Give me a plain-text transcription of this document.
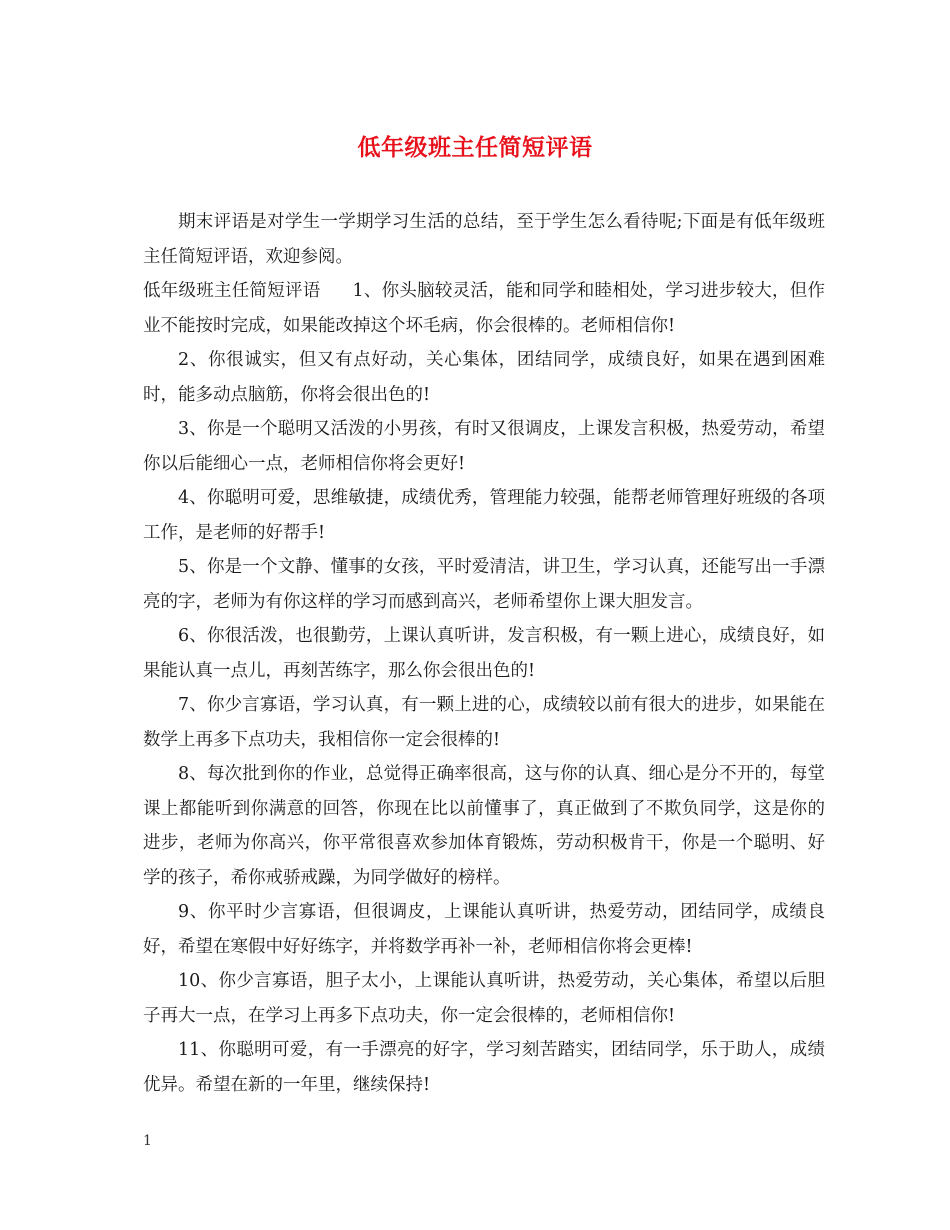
低年级班主任简短评语

期末评语是对学生一学期学习生活的总结，至于学生怎么看待呢;下面是有低年级班主任简短评语，欢迎参阅。

低年级班主任简短评语 1、你头脑较灵活，能和同学和睦相处，学习进步较大，但作业不能按时完成，如果能改掉这个坏毛病，你会很棒的。老师相信你!

2、你很诚实，但又有点好动，关心集体，团结同学，成绩良好，如果在遇到困难时，能多动点脑筋，你将会很出色的!

3、你是一个聪明又活泼的小男孩，有时又很调皮，上课发言积极，热爱劳动，希望你以后能细心一点，老师相信你将会更好!

4、你聪明可爱，思维敏捷，成绩优秀，管理能力较强，能帮老师管理好班级的各项工作，是老师的好帮手!

5、你是一个文静、懂事的女孩，平时爱清洁，讲卫生，学习认真，还能写出一手漂亮的字，老师为有你这样的学习而感到高兴，老师希望你上课大胆发言。

6、你很活泼，也很勤劳，上课认真听讲，发言积极，有一颗上进心，成绩良好，如果能认真一点儿，再刻苦练字，那么你会很出色的!

7、你少言寡语，学习认真，有一颗上进的心，成绩较以前有很大的进步，如果能在数学上再多下点功夫，我相信你一定会很棒的!

8、每次批到你的作业，总觉得正确率很高，这与你的认真、细心是分不开的，每堂课上都能听到你满意的回答，你现在比以前懂事了，真正做到了不欺负同学，这是你的进步，老师为你高兴，你平常很喜欢参加体育锻炼，劳动积极肯干，你是一个聪明、好学的孩子，希你戒骄戒躁，为同学做好的榜样。

9、你平时少言寡语，但很调皮，上课能认真听讲，热爱劳动，团结同学，成绩良好，希望在寒假中好好练字，并将数学再补一补，老师相信你将会更棒!

10、你少言寡语，胆子太小，上课能认真听讲，热爱劳动，关心集体，希望以后胆子再大一点，在学习上再多下点功夫，你一定会很棒的，老师相信你!

11、你聪明可爱，有一手漂亮的好字，学习刻苦踏实，团结同学，乐于助人，成绩优异。希望在新的一年里，继续保持!

1
